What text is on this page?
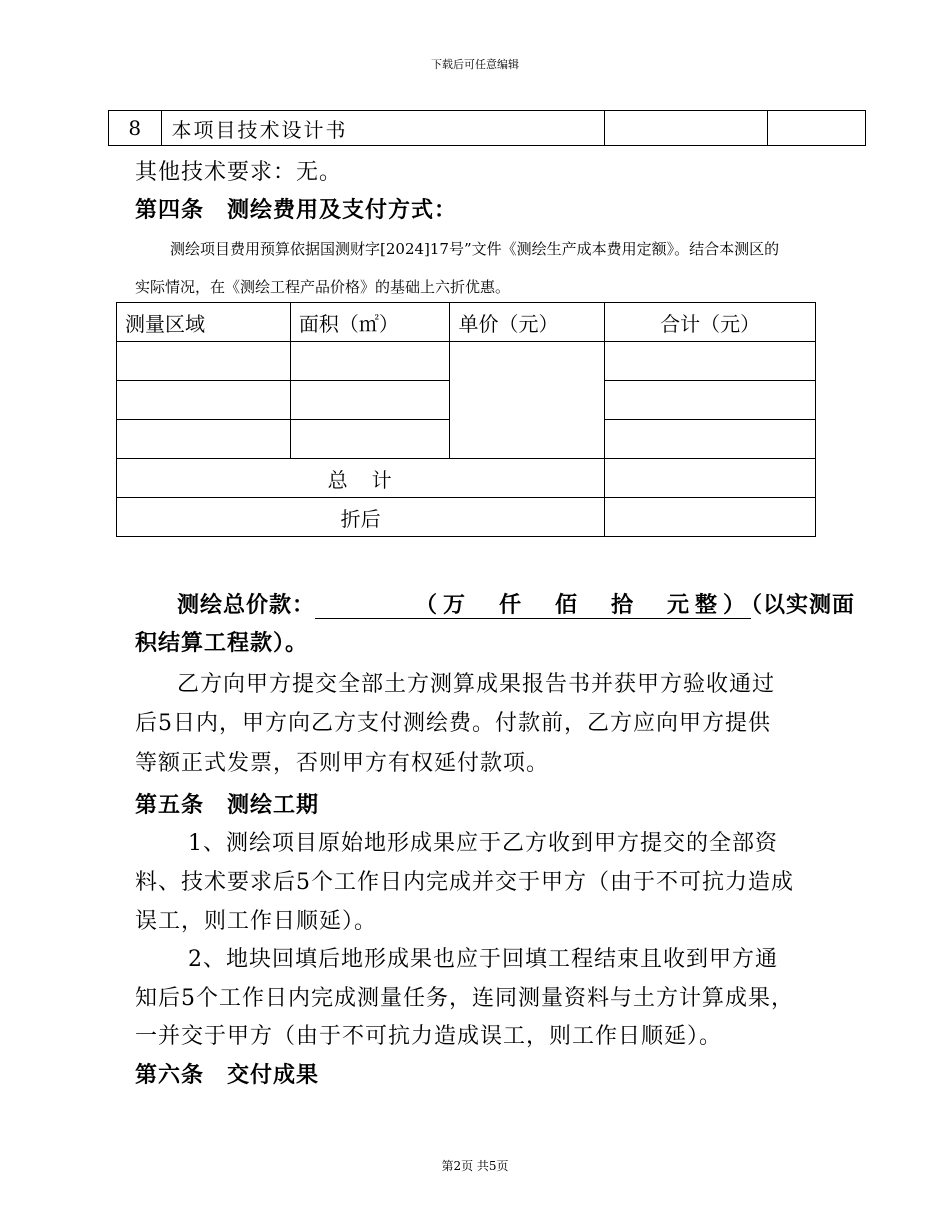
下载后可任意编辑
8	本项目技术设计书		
其他技术要求：无。
第四条　测绘费用及支付方式：
测绘项目费用预算依据国测财字[2024]17号”文件《测绘生产成本费用定额》。结合本测区的
实际情况，在《测绘工程产品价格》的基础上六折优惠。
测量区域	面积（㎡）	单价（元）	合计（元）

总　计			
折后			
测绘总价款：	（万　仟　佰　拾　元整）（以实测面
积结算工程款）。
乙方向甲方提交全部土方测算成果报告书并获甲方验收通过
后5日内，甲方向乙方支付测绘费。付款前，乙方应向甲方提供
等额正式发票，否则甲方有权延付款项。
第五条　测绘工期
1、测绘项目原始地形成果应于乙方收到甲方提交的全部资
料、技术要求后5个工作日内完成并交于甲方（由于不可抗力造成
误工，则工作日顺延）。
2、地块回填后地形成果也应于回填工程结束且收到甲方通
知后5个工作日内完成测量任务，连同测量资料与土方计算成果，
一并交于甲方（由于不可抗力造成误工，则工作日顺延）。
第六条　交付成果
第2页 共5页
